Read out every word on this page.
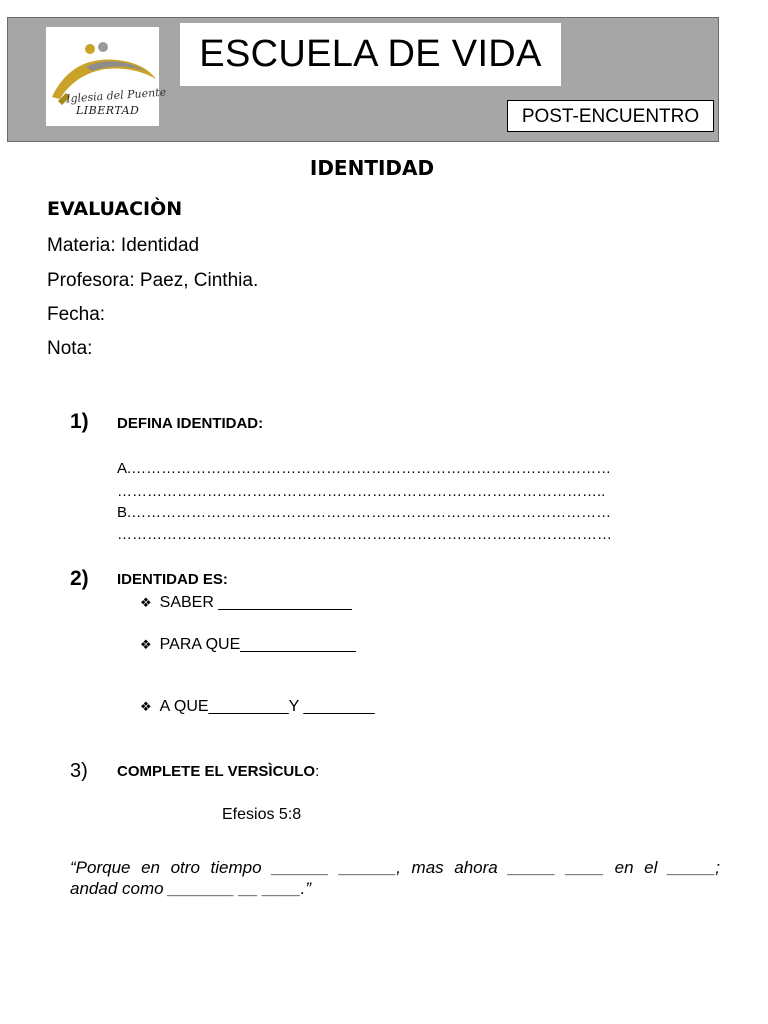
Iglesia del Puente
LIBERTAD
ESCUELA DE VIDA
POST-ENCUENTRO
IDENTIDAD
EVALUACIÒN
Materia: Identidad
Profesora: Paez, Cinthia.
Fecha:
Nota:
1) DEFINA IDENTIDAD:
A.……………………………………………………………………………………
……………………………………………………………………………………..
B.……………………………………………………………………………………
………………………………………………………………………………………
2) IDENTIDAD ES:
❖ SABER _______________
❖ PARA QUE_____________
❖ A QUE_________Y ________
3) COMPLETE EL VERSÌCULO:
Efesios 5:8
“Porque en otro tiempo ______ ______, mas ahora _____ ____ en el _____;
andad como _______ __ ____.”
